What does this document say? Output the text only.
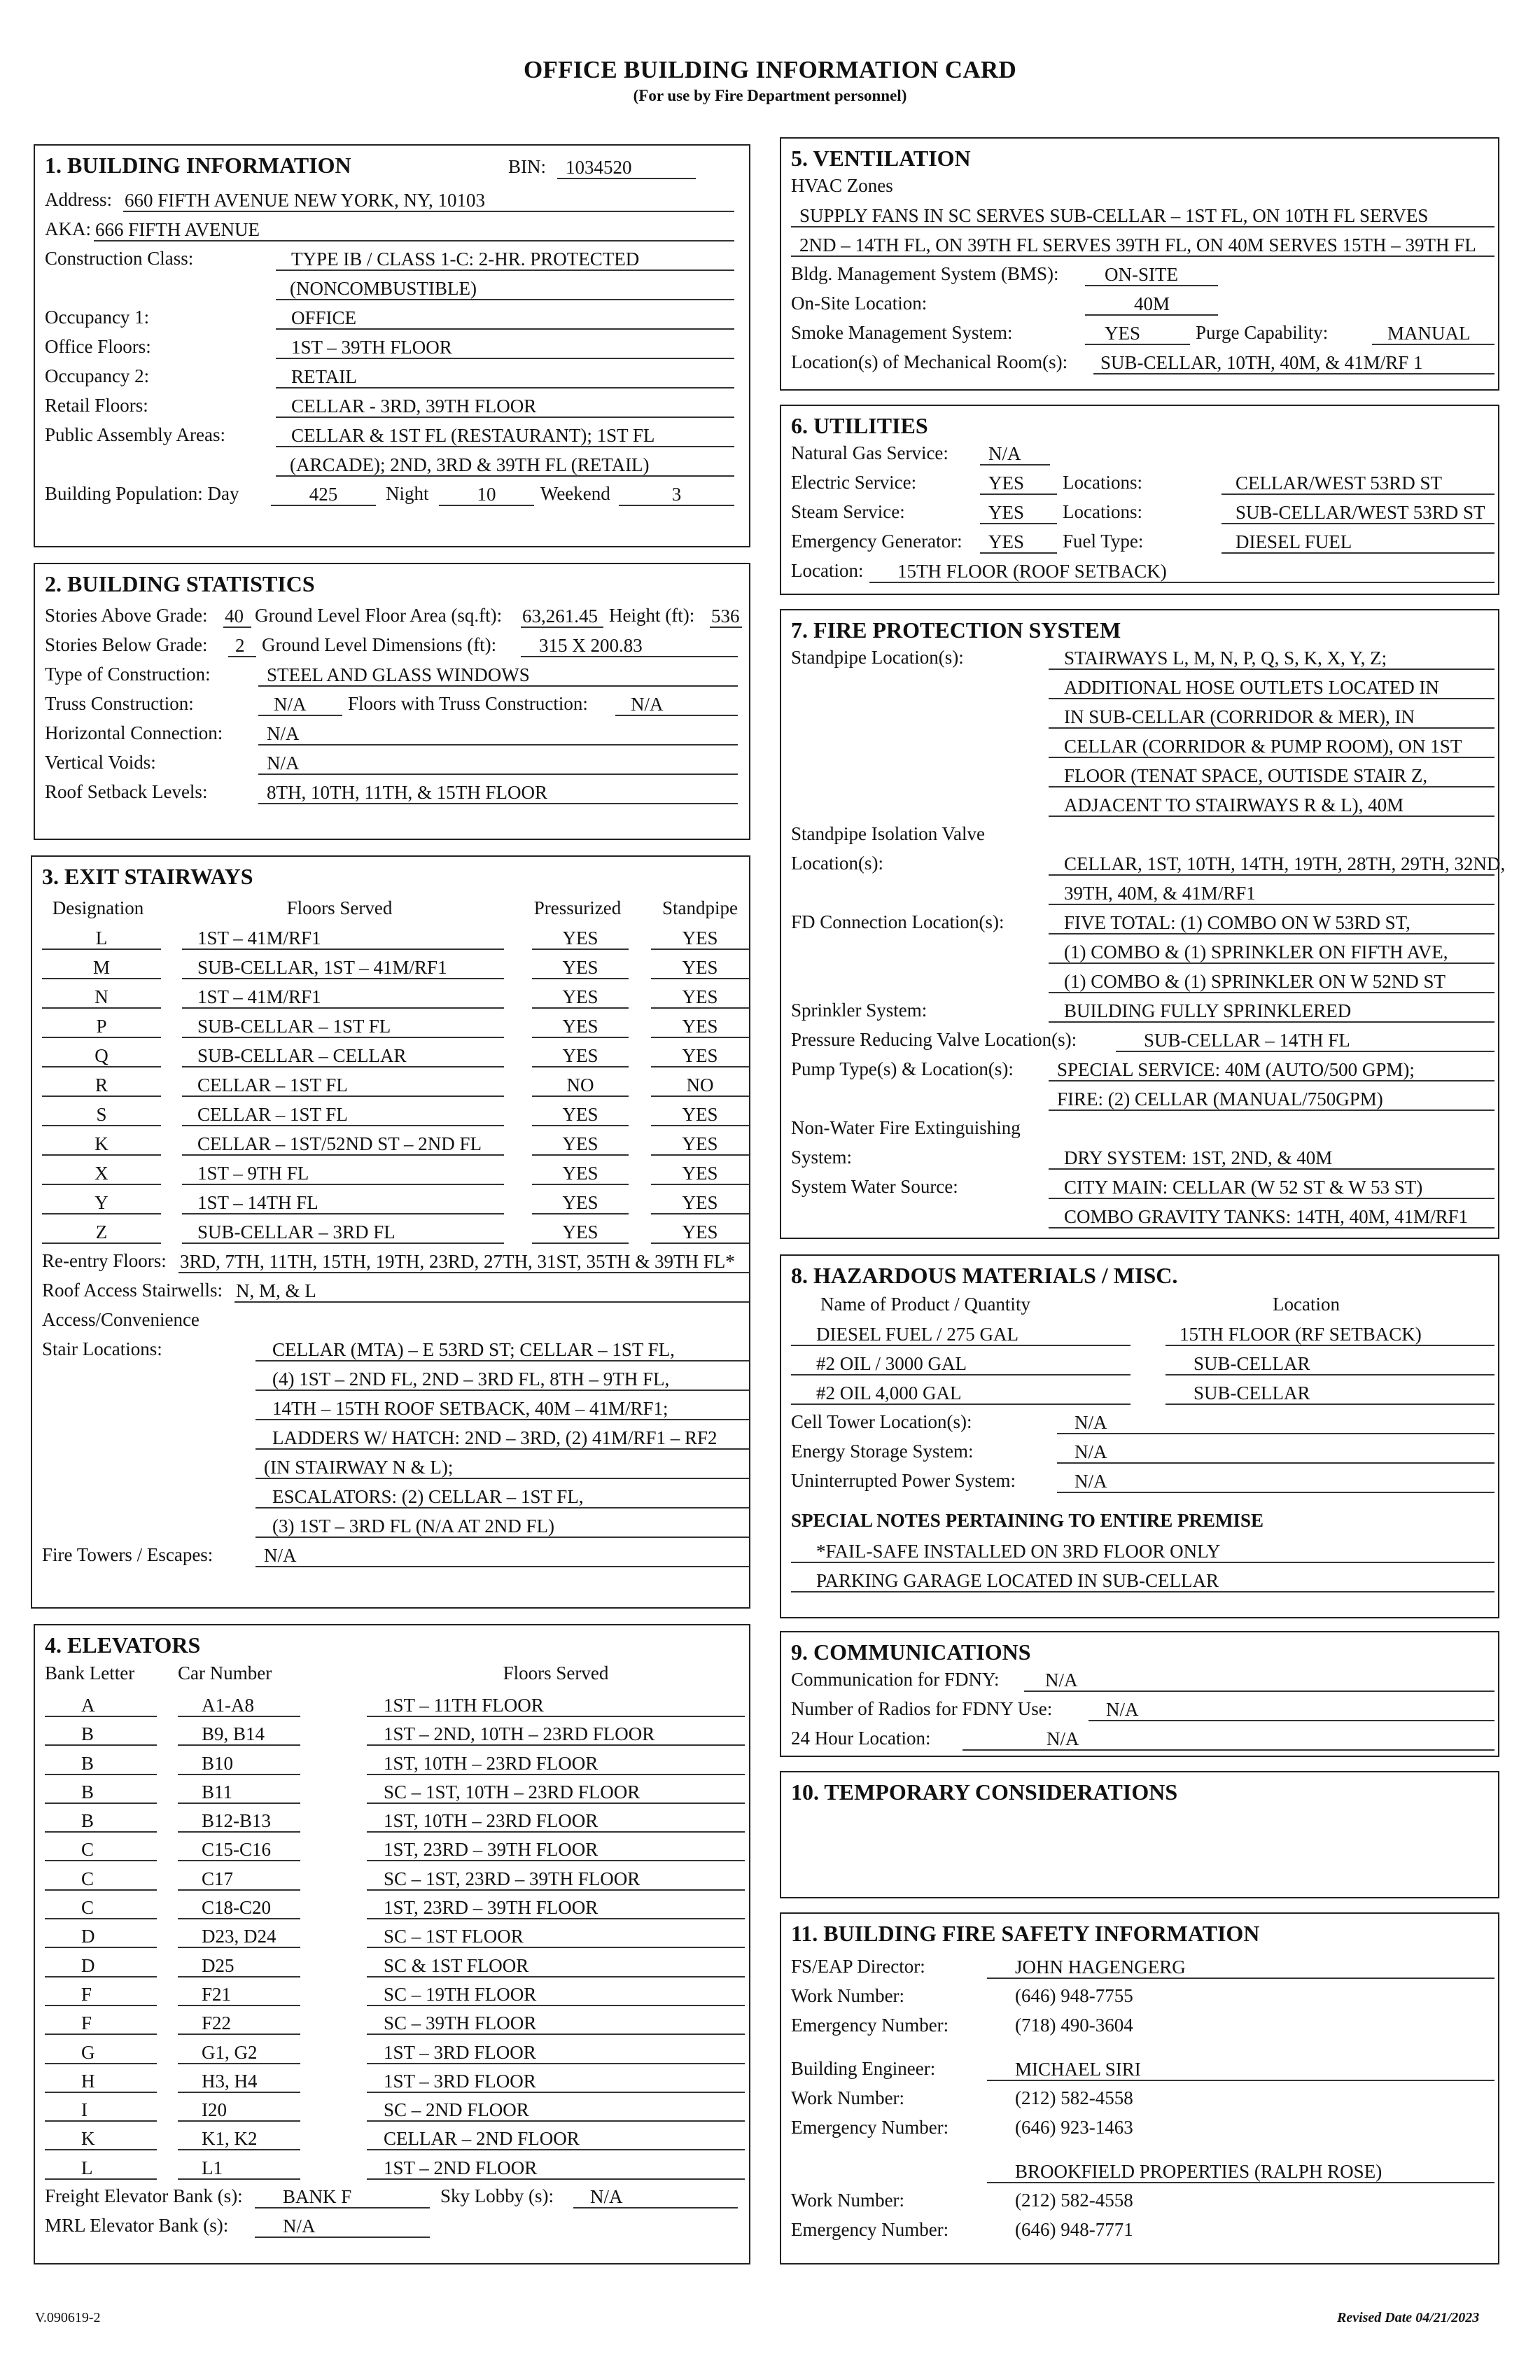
OFFICE BUILDING INFORMATION CARD
(For use by Fire Department personnel)
1. BUILDING INFORMATION	BIN:	1034520
Address: 660 FIFTH AVENUE NEW YORK, NY, 10103
AKA: 666 FIFTH AVENUE
Construction Class:	TYPE IB / CLASS 1-C: 2-HR. PROTECTED
(NONCOMBUSTIBLE)
Occupancy 1:	OFFICE
Office Floors:	1ST – 39TH FLOOR
Occupancy 2:	RETAIL
Retail Floors:	CELLAR - 3RD, 39TH FLOOR
Public Assembly Areas:	CELLAR & 1ST FL (RESTAURANT); 1ST FL
(ARCADE); 2ND, 3RD & 39TH FL (RETAIL)
Building Population: Day	425	Night	10	Weekend	3
2. BUILDING STATISTICS
Stories Above Grade: 40 Ground Level Floor Area (sq.ft): 63,261.45 Height (ft): 536
Stories Below Grade:	2 Ground Level Dimensions (ft):	315 X 200.83
Type of Construction:	STEEL AND GLASS WINDOWS
Truss Construction:	N/A	Floors with Truss Construction:	N/A
Horizontal Connection:	N/A
Vertical Voids:	N/A
Roof Setback Levels:	8TH, 10TH, 11TH, & 15TH FLOOR
3. EXIT STAIRWAYS
Designation	Floors Served	Pressurized	Standpipe
L	1ST – 41M/RF1	YES	YES
M	SUB-CELLAR, 1ST – 41M/RF1	YES	YES
N	1ST – 41M/RF1	YES	YES
P	SUB-CELLAR – 1ST FL	YES	YES
Q	SUB-CELLAR – CELLAR	YES	YES
R	CELLAR – 1ST FL	NO	NO
S	CELLAR – 1ST FL	YES	YES
K	CELLAR – 1ST/52ND ST – 2ND FL	YES	YES
X	1ST – 9TH FL	YES	YES
Y	1ST – 14TH FL	YES	YES
Z	SUB-CELLAR – 3RD FL	YES	YES
Re-entry Floors: 3RD, 7TH, 11TH, 15TH, 19TH, 23RD, 27TH, 31ST, 35TH & 39TH FL*
Roof Access Stairwells: N, M, & L
Access/Convenience
Stair Locations:	CELLAR (MTA) – E 53RD ST; CELLAR – 1ST FL,
(4) 1ST – 2ND FL, 2ND – 3RD FL, 8TH – 9TH FL,
14TH – 15TH ROOF SETBACK, 40M – 41M/RF1;
LADDERS W/ HATCH: 2ND – 3RD, (2) 41M/RF1 – RF2
(IN STAIRWAY N & L);
ESCALATORS: (2) CELLAR – 1ST FL,
(3) 1ST – 3RD FL (N/A AT 2ND FL)
Fire Towers / Escapes:	N/A
4. ELEVATORS
Bank Letter Car Number	Floors Served
A	A1-A8	1ST – 11TH FLOOR
B	B9, B14	1ST – 2ND, 10TH – 23RD FLOOR
B	B10	1ST, 10TH – 23RD FLOOR
B	B11	SC – 1ST, 10TH – 23RD FLOOR
B	B12-B13	1ST, 10TH – 23RD FLOOR
C	C15-C16	1ST, 23RD – 39TH FLOOR
C	C17	SC – 1ST, 23RD – 39TH FLOOR
C	C18-C20	1ST, 23RD – 39TH FLOOR
D	D23, D24	SC – 1ST FLOOR
D	D25	SC & 1ST FLOOR
F	F21	SC – 19TH FLOOR
F	F22	SC – 39TH FLOOR
G	G1, G2	1ST – 3RD FLOOR
H	H3, H4	1ST – 3RD FLOOR
I	I20	SC – 2ND FLOOR
K	K1, K2	CELLAR – 2ND FLOOR
L	L1	1ST – 2ND FLOOR
Freight Elevator Bank (s):	BANK F	Sky Lobby (s):	N/A
MRL Elevator Bank (s):	N/A
5. VENTILATION
HVAC Zones
SUPPLY FANS IN SC SERVES SUB-CELLAR – 1ST FL, ON 10TH FL SERVES
2ND – 14TH FL, ON 39TH FL SERVES 39TH FL, ON 40M SERVES 15TH – 39TH FL
Bldg. Management System (BMS):	ON-SITE
On-Site Location:	40M
Smoke Management System:	YES	Purge Capability:	MANUAL
Location(s) of Mechanical Room(s):	SUB-CELLAR, 10TH, 40M, & 41M/RF 1
6. UTILITIES
Natural Gas Service:	N/A
Electric Service:	YES	Locations:	CELLAR/WEST 53RD ST
Steam Service:	YES	Locations:	SUB-CELLAR/WEST 53RD ST
Emergency Generator:	YES	Fuel Type:	DIESEL FUEL
Location:	15TH FLOOR (ROOF SETBACK)
7. FIRE PROTECTION SYSTEM
Standpipe Location(s):	STAIRWAYS L, M, N, P, Q, S, K, X, Y, Z;
ADDITIONAL HOSE OUTLETS LOCATED IN
IN SUB-CELLAR (CORRIDOR & MER), IN
CELLAR (CORRIDOR & PUMP ROOM), ON 1ST
FLOOR (TENAT SPACE, OUTISDE STAIR Z,
ADJACENT TO STAIRWAYS R & L), 40M
Standpipe Isolation Valve
Location(s):	CELLAR, 1ST, 10TH, 14TH, 19TH, 28TH, 29TH, 32ND,
39TH, 40M, & 41M/RF1
FD Connection Location(s):	FIVE TOTAL: (1) COMBO ON W 53RD ST,
(1) COMBO & (1) SPRINKLER ON FIFTH AVE,
(1) COMBO & (1) SPRINKLER ON W 52ND ST
Sprinkler System:	BUILDING FULLY SPRINKLERED
Pressure Reducing Valve Location(s):	SUB-CELLAR – 14TH FL
Pump Type(s) & Location(s):	SPECIAL SERVICE: 40M (AUTO/500 GPM);
FIRE: (2) CELLAR (MANUAL/750GPM)
Non-Water Fire Extinguishing
System:	DRY SYSTEM: 1ST, 2ND, & 40M
System Water Source:	CITY MAIN: CELLAR (W 52 ST & W 53 ST)
COMBO GRAVITY TANKS: 14TH, 40M, 41M/RF1
8. HAZARDOUS MATERIALS / MISC.
Name of Product / Quantity	Location
DIESEL FUEL / 275 GAL	15TH FLOOR (RF SETBACK)
#2 OIL / 3000 GAL	SUB-CELLAR
#2 OIL 4,000 GAL	SUB-CELLAR
Cell Tower Location(s):	N/A
Energy Storage System:	N/A
Uninterrupted Power System:	N/A
SPECIAL NOTES PERTAINING TO ENTIRE PREMISE
*FAIL-SAFE INSTALLED ON 3RD FLOOR ONLY
PARKING GARAGE LOCATED IN SUB-CELLAR
9. COMMUNICATIONS
Communication for FDNY:	N/A
Number of Radios for FDNY Use:	N/A
24 Hour Location:	N/A
10. TEMPORARY CONSIDERATIONS
11. BUILDING FIRE SAFETY INFORMATION
FS/EAP Director:	JOHN HAGENGERG
Work Number:	(646) 948-7755
Emergency Number:	(718) 490-3604
Building Engineer:	MICHAEL SIRI
Work Number:	(212) 582-4558
Emergency Number:	(646) 923-1463
BROOKFIELD PROPERTIES (RALPH ROSE)
Work Number:	(212) 582-4558
Emergency Number:	(646) 948-7771
V.090619-2	Revised Date 04/21/2023
